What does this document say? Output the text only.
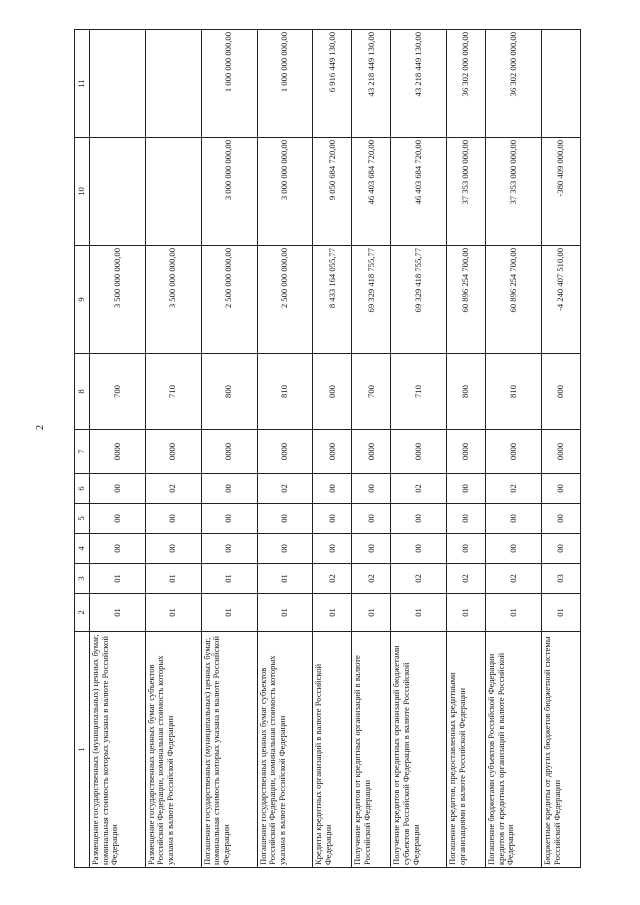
2
1	2	3	4	5	6	7	8	9	10	11
Размещение государственных (муниципальных) ценных бумаг, номинальная стоимость которых указана в валюте Российской Федерации	01	01	00	00	00	0000	700	3 500 000 000,00		
Размещение государственных ценных бумаг субъектов Российской Федерации, номинальная стоимость которых указана в валюте Российской Федерации	01	01	00	00	02	0000	710	3 500 000 000,00		
Погашение государственных (муниципальных) ценных бумаг, номинальная стоимость которых указана в валюте Российской Федерации	01	01	00	00	00	0000	800	2 500 000 000,00	3 000 000 000,00	1 000 000 000,00
Погашение государственных ценных бумаг субъектов Российской Федерации, номинальная стоимость которых указана в валюте Российской Федерации	01	01	00	00	02	0000	810	2 500 000 000,00	3 000 000 000,00	1 000 000 000,00
Кредиты кредитных организаций в валюте Российской Федерации	01	02	00	00	00	0000	000	8 433 164 055,77	9 050 684 720,00	6 916 449 130,00
Получение кредитов от кредитных организаций в валюте Российской Федерации	01	02	00	00	00	0000	700	69 329 418 755,77	46 403 684 720,00	43 218 449 130,00
Получение кредитов от кредитных организаций бюджетами субъектов Российской Федерации в валюте Российской Федерации	01	02	00	00	02	0000	710	69 329 418 755,77	46 403 684 720,00	43 218 449 130,00
Погашение кредитов, предоставленных кредитными организациями в валюте Российской Федерации	01	02	00	00	00	0000	800	60 896 254 700,00	37 353 000 000,00	36 302 000 000,00
Погашение бюджетами субъектов Российской Федерации кредитов от кредитных организаций в валюте Российской Федерации	01	02	00	00	02	0000	810	60 896 254 700,00	37 353 000 000,00	36 302 000 000,00
Бюджетные кредиты от других бюджетов бюджетной системы Российской Федерации	01	03	00	00	00	0000	000	-4 240 407 510,00	-380 409 000,00	
